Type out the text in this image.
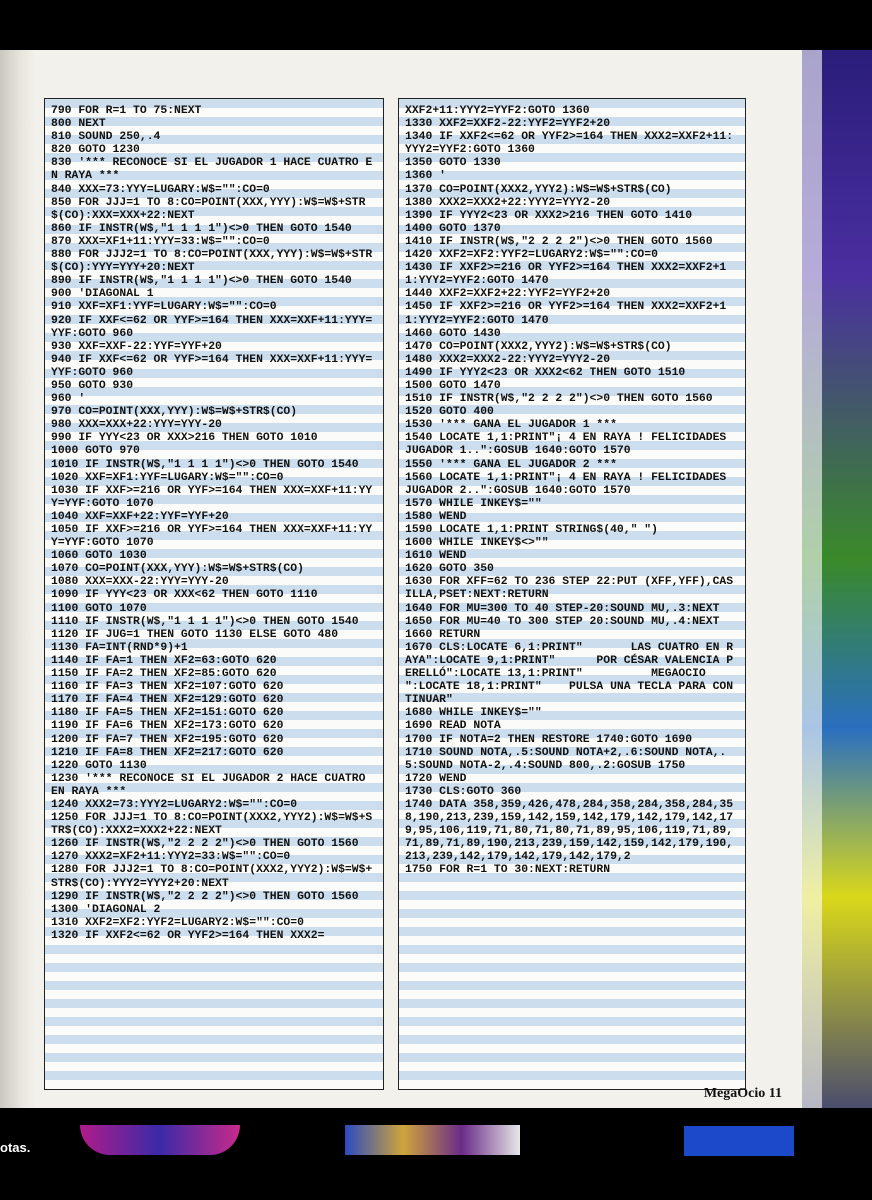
790 FOR R=1 TO 75:NEXT
800 NEXT
810 SOUND 250,.4
820 GOTO 1230
830 '*** RECONOCE SI EL JUGADOR 1 HACE CUATRO EN RAYA ***
840 XXX=73:YYY=LUGARY:W$="":CO=0
850 FOR JJJ=1 TO 8:CO=POINT(XXX,YYY):W$=W$+STR$(CO):XXX=XXX+22:NEXT
860 IF INSTR(W$,"1 1 1 1")<>0 THEN GOTO 1540
870 XXX=XF1+11:YYY=33:W$="":CO=0
880 FOR JJJ2=1 TO 8:CO=POINT(XXX,YYY):W$=W$+STR$(CO):YYY=YYY+20:NEXT
890 IF INSTR(W$,"1 1 1 1")<>0 THEN GOTO 1540
900 'DIAGONAL 1
910 XXF=XF1:YYF=LUGARY:W$="":CO=0
920 IF XXF<=62 OR YYF>=164 THEN XXX=XXF+11:YYY=YYF:GOTO 960
930 XXF=XXF-22:YYF=YYF+20
940 IF XXF<=62 OR YYF>=164 THEN XXX=XXF+11:YYY=YYF:GOTO 960
950 GOTO 930
960 '
970 CO=POINT(XXX,YYY):W$=W$+STR$(CO)
980 XXX=XXX+22:YYY=YYY-20
990 IF YYY<23 OR XXX>216 THEN GOTO 1010
1000 GOTO 970
1010 IF INSTR(W$,"1 1 1 1")<>0 THEN GOTO 1540
1020 XXF=XF1:YYF=LUGARY:W$="":CO=0
1030 IF XXF>=216 OR YYF>=164 THEN XXX=XXF+11:YYY=YYF:GOTO 1070
1040 XXF=XXF+22:YYF=YYF+20
1050 IF XXF>=216 OR YYF>=164 THEN XXX=XXF+11:YYY=YYF:GOTO 1070
1060 GOTO 1030
1070 CO=POINT(XXX,YYY):W$=W$+STR$(CO)
1080 XXX=XXX-22:YYY=YYY-20
1090 IF YYY<23 OR XXX<62 THEN GOTO 1110
1100 GOTO 1070
1110 IF INSTR(W$,"1 1 1 1")<>0 THEN GOTO 1540
1120 IF JUG=1 THEN GOTO 1130 ELSE GOTO 480
1130 FA=INT(RND*9)+1
1140 IF FA=1 THEN XF2=63:GOTO 620
1150 IF FA=2 THEN XF2=85:GOTO 620
1160 IF FA=3 THEN XF2=107:GOTO 620
1170 IF FA=4 THEN XF2=129:GOTO 620
1180 IF FA=5 THEN XF2=151:GOTO 620
1190 IF FA=6 THEN XF2=173:GOTO 620
1200 IF FA=7 THEN XF2=195:GOTO 620
1210 IF FA=8 THEN XF2=217:GOTO 620
1220 GOTO 1130
1230 '*** RECONOCE SI EL JUGADOR 2 HACE CUATRO EN RAYA ***
1240 XXX2=73:YYY2=LUGARY2:W$="":CO=0
1250 FOR JJJ=1 TO 8:CO=POINT(XXX2,YYY2):W$=W$+STR$(CO):XXX2=XXX2+22:NEXT
1260 IF INSTR(W$,"2 2 2 2")<>0 THEN GOTO 1560
1270 XXX2=XF2+11:YYY2=33:W$="":CO=0
1280 FOR JJJ2=1 TO 8:CO=POINT(XXX2,YYY2):W$=W$+STR$(CO):YYY2=YYY2+20:NEXT
1290 IF INSTR(W$,"2 2 2 2")<>0 THEN GOTO 1560
1300 'DIAGONAL 2
1310 XXF2=XF2:YYF2=LUGARY2:W$="":CO=0
1320 IF XXF2<=62 OR YYF2>=164 THEN XXX2=
XXF2+11:YYY2=YYF2:GOTO 1360
1330 XXF2=XXF2-22:YYF2=YYF2+20
1340 IF XXF2<=62 OR YYF2>=164 THEN XXX2=XXF2+11:YYY2=YYF2:GOTO 1360
1350 GOTO 1330
1360 '
1370 CO=POINT(XXX2,YYY2):W$=W$+STR$(CO)
1380 XXX2=XXX2+22:YYY2=YYY2-20
1390 IF YYY2<23 OR XXX2>216 THEN GOTO 1410
1400 GOTO 1370
1410 IF INSTR(W$,"2 2 2 2")<>0 THEN GOTO 1560
1420 XXF2=XF2:YYF2=LUGARY2:W$="":CO=0
1430 IF XXF2>=216 OR YYF2>=164 THEN XXX2=XXF2+11:YYY2=YYF2:GOTO 1470
1440 XXF2=XXF2+22:YYF2=YYF2+20
1450 IF XXF2>=216 OR YYF2>=164 THEN XXX2=XXF2+11:YYY2=YYF2:GOTO 1470
1460 GOTO 1430
1470 CO=POINT(XXX2,YYY2):W$=W$+STR$(CO)
1480 XXX2=XXX2-22:YYY2=YYY2-20
1490 IF YYY2<23 OR XXX2<62 THEN GOTO 1510
1500 GOTO 1470
1510 IF INSTR(W$,"2 2 2 2")<>0 THEN GOTO 1560
1520 GOTO 400
1530 '*** GANA EL JUGADOR 1 ***
1540 LOCATE 1,1:PRINT"¡ 4 EN RAYA ! FELICIDADES JUGADOR 1..":GOSUB 1640:GOTO 1570
1550 '*** GANA EL JUGADOR 2 ***
1560 LOCATE 1,1:PRINT"¡ 4 EN RAYA ! FELICIDADES JUGADOR 2..":GOSUB 1640:GOTO 1570
1570 WHILE INKEY$=""
1580 WEND
1590 LOCATE 1,1:PRINT STRING$(40," ")
1600 WHILE INKEY$<>""
1610 WEND
1620 GOTO 350
1630 FOR XFF=62 TO 236 STEP 22:PUT (XFF,YFF),CASILLA,PSET:NEXT:RETURN
1640 FOR MU=300 TO 40 STEP-20:SOUND MU,.3:NEXT
1650 FOR MU=40 TO 300 STEP 20:SOUND MU,.4:NEXT
1660 RETURN
1670 CLS:LOCATE 6,1:PRINT"       LAS CUATRO EN RAYA":LOCATE 9,1:PRINT"      POR CÉSAR VALENCIA PERELLÓ":LOCATE 13,1:PRINT"          MEGAOCIO        ":LOCATE 18,1:PRINT"    PULSA UNA TECLA PARA CONTINUAR"
1680 WHILE INKEY$=""
1690 READ NOTA
1700 IF NOTA=2 THEN RESTORE 1740:GOTO 1690
1710 SOUND NOTA,.5:SOUND NOTA+2,.6:SOUND NOTA,.5:SOUND NOTA-2,.4:SOUND 800,.2:GOSUB 1750
1720 WEND
1730 CLS:GOTO 360
1740 DATA 358,359,426,478,284,358,284,358,284,358,190,213,239,159,142,159,142,179,142,179,142,179,95,106,119,71,80,71,80,71,89,95,106,119,71,89,71,89,71,89,190,213,239,159,142,159,142,179,190,213,239,142,179,142,179,142,179,2
1750 FOR R=1 TO 30:NEXT:RETURN
MegaOcio 11
otas.
